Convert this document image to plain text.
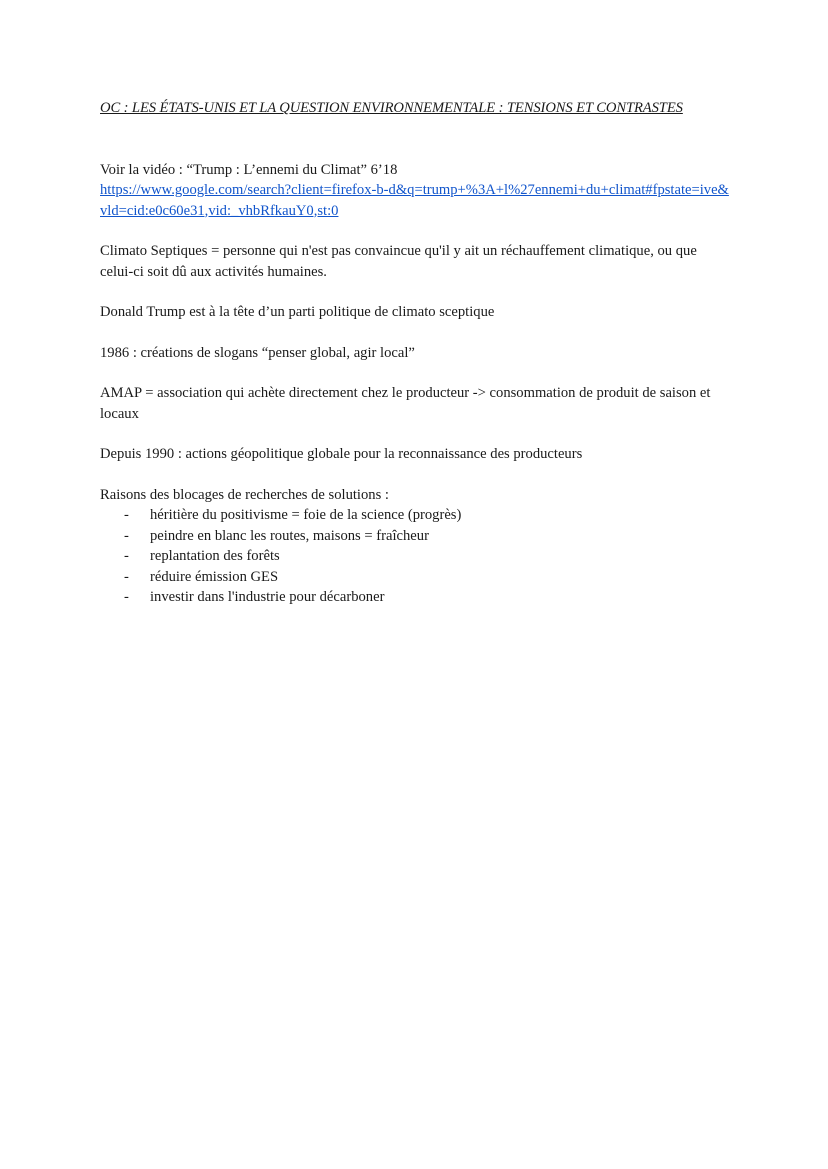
OC : LES ÉTATS-UNIS ET LA QUESTION ENVIRONNEMENTALE : TENSIONS ET CONTRASTES

Voir la vidéo : “Trump : L’ennemi du Climat” 6’18
https://www.google.com/search?client=firefox-b-d&q=trump+%3A+l%27ennemi+du+climat#fpstate=ive&vld=cid:e0c60e31,vid:_vhbRfkauY0,st:0

Climato Septiques = personne qui n'est pas convaincue qu'il y ait un réchauffement climatique, ou que celui-ci soit dû aux activités humaines.

Donald Trump est à la tête d’un parti politique de climato sceptique

1986 : créations de slogans “penser global, agir local”

AMAP = association qui achète directement chez le producteur -> consommation de produit de saison et locaux

Depuis 1990 : actions géopolitique globale pour la reconnaissance des producteurs

Raisons des blocages de recherches de solutions :
- héritière du positivisme = foie de la science (progrès)
- peindre en blanc les routes, maisons = fraîcheur
- replantation des forêts
- réduire émission GES
- investir dans l'industrie pour décarboner
